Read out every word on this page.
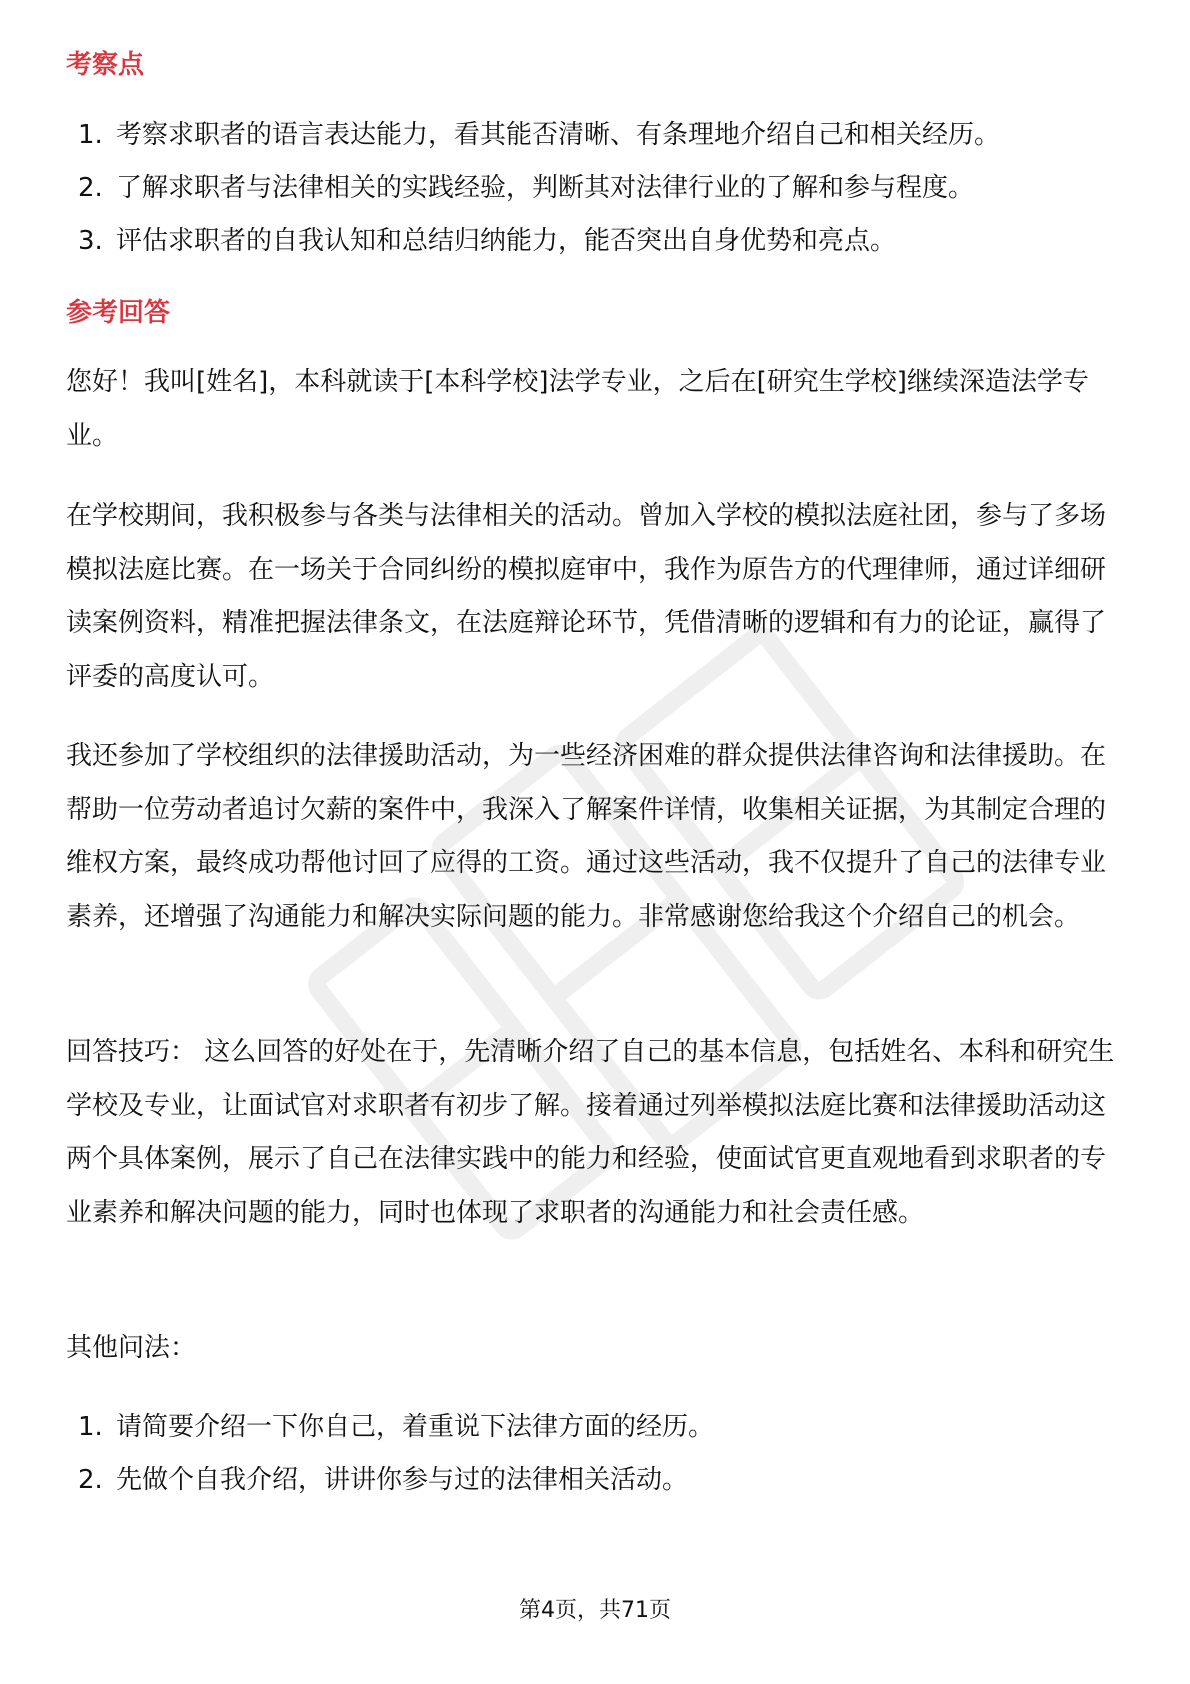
考察点
1. 考察求职者的语言表达能力，看其能否清晰、有条理地介绍自己和相关经历。
2. 了解求职者与法律相关的实践经验，判断其对法律行业的了解和参与程度。
3. 评估求职者的自我认知和总结归纳能力，能否突出自身优势和亮点。
参考回答

您好！我叫[姓名]，本科就读于[本科学校]法学专业，之后在[研究生学校]继续深造法学专业。

在学校期间，我积极参与各类与法律相关的活动。曾加入学校的模拟法庭社团，参与了多场模拟法庭比赛。在一场关于合同纠纷的模拟庭审中，我作为原告方的代理律师，通过详细研读案例资料，精准把握法律条文，在法庭辩论环节，凭借清晰的逻辑和有力的论证，赢得了评委的高度认可。

我还参加了学校组织的法律援助活动，为一些经济困难的群众提供法律咨询和法律援助。在帮助一位劳动者追讨欠薪的案件中，我深入了解案件详情，收集相关证据，为其制定合理的维权方案，最终成功帮他讨回了应得的工资。通过这些活动，我不仅提升了自己的法律专业素养，还增强了沟通能力和解决实际问题的能力。非常感谢您给我这个介绍自己的机会。

回答技巧： 这么回答的好处在于，先清晰介绍了自己的基本信息，包括姓名、本科和研究生学校及专业，让面试官对求职者有初步了解。接着通过列举模拟法庭比赛和法律援助活动这两个具体案例，展示了自己在法律实践中的能力和经验，使面试官更直观地看到求职者的专业素养和解决问题的能力，同时也体现了求职者的沟通能力和社会责任感。

其他问法：

1. 请简要介绍一下你自己，着重说下法律方面的经历。
2. 先做个自我介绍，讲讲你参与过的法律相关活动。
第4页，共71页
